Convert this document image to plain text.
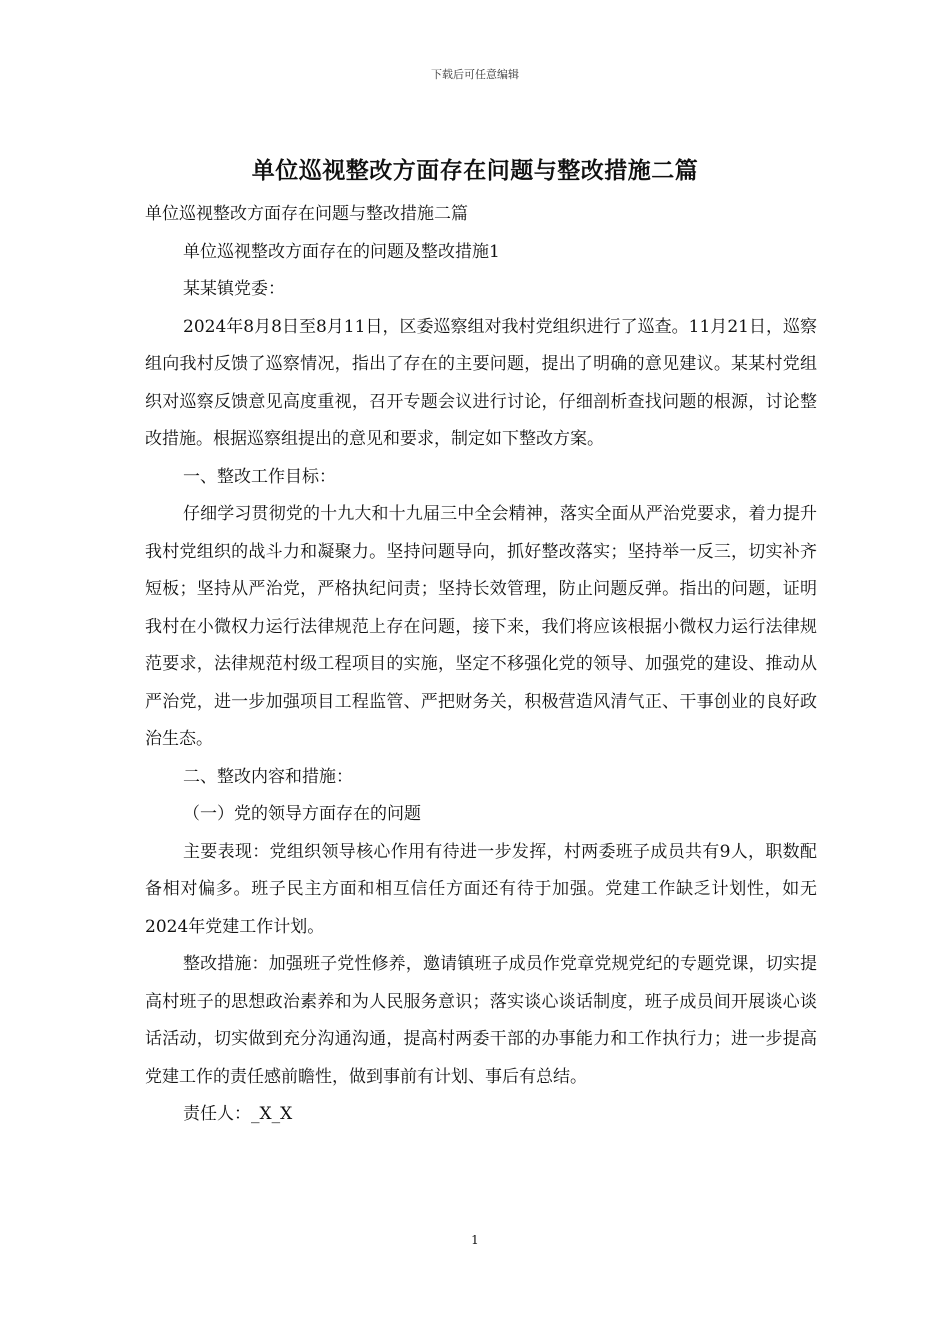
下载后可任意编辑
单位巡视整改方面存在问题与整改措施二篇

单位巡视整改方面存在问题与整改措施二篇

单位巡视整改方面存在的问题及整改措施1

某某镇党委：

2024年8月8日至8月11日，区委巡察组对我村党组织进行了巡查。11月21日，巡察组向我村反馈了巡察情况，指出了存在的主要问题，提出了明确的意见建议。某某村党组织对巡察反馈意见高度重视，召开专题会议进行讨论，仔细剖析查找问题的根源，讨论整改措施。根据巡察组提出的意见和要求，制定如下整改方案。

一、整改工作目标：

仔细学习贯彻党的十九大和十九届三中全会精神，落实全面从严治党要求，着力提升我村党组织的战斗力和凝聚力。坚持问题导向，抓好整改落实；坚持举一反三，切实补齐短板；坚持从严治党，严格执纪问责；坚持长效管理，防止问题反弹。指出的问题，证明我村在小微权力运行法律规范上存在问题，接下来，我们将应该根据小微权力运行法律规范要求，法律规范村级工程项目的实施，坚定不移强化党的领导、加强党的建设、推动从严治党，进一步加强项目工程监管、严把财务关，积极营造风清气正、干事创业的良好政治生态。

二、整改内容和措施：

（一）党的领导方面存在的问题

主要表现：党组织领导核心作用有待进一步发挥，村两委班子成员共有9人，职数配备相对偏多。班子民主方面和相互信任方面还有待于加强。党建工作缺乏计划性，如无2024年党建工作计划。

整改措施：加强班子党性修养，邀请镇班子成员作党章党规党纪的专题党课，切实提高村班子的思想政治素养和为人民服务意识；落实谈心谈话制度，班子成员间开展谈心谈话活动，切实做到充分沟通沟通，提高村两委干部的办事能力和工作执行力；进一步提高党建工作的责任感前瞻性，做到事前有计划、事后有总结。

责任人：_X_X

1
